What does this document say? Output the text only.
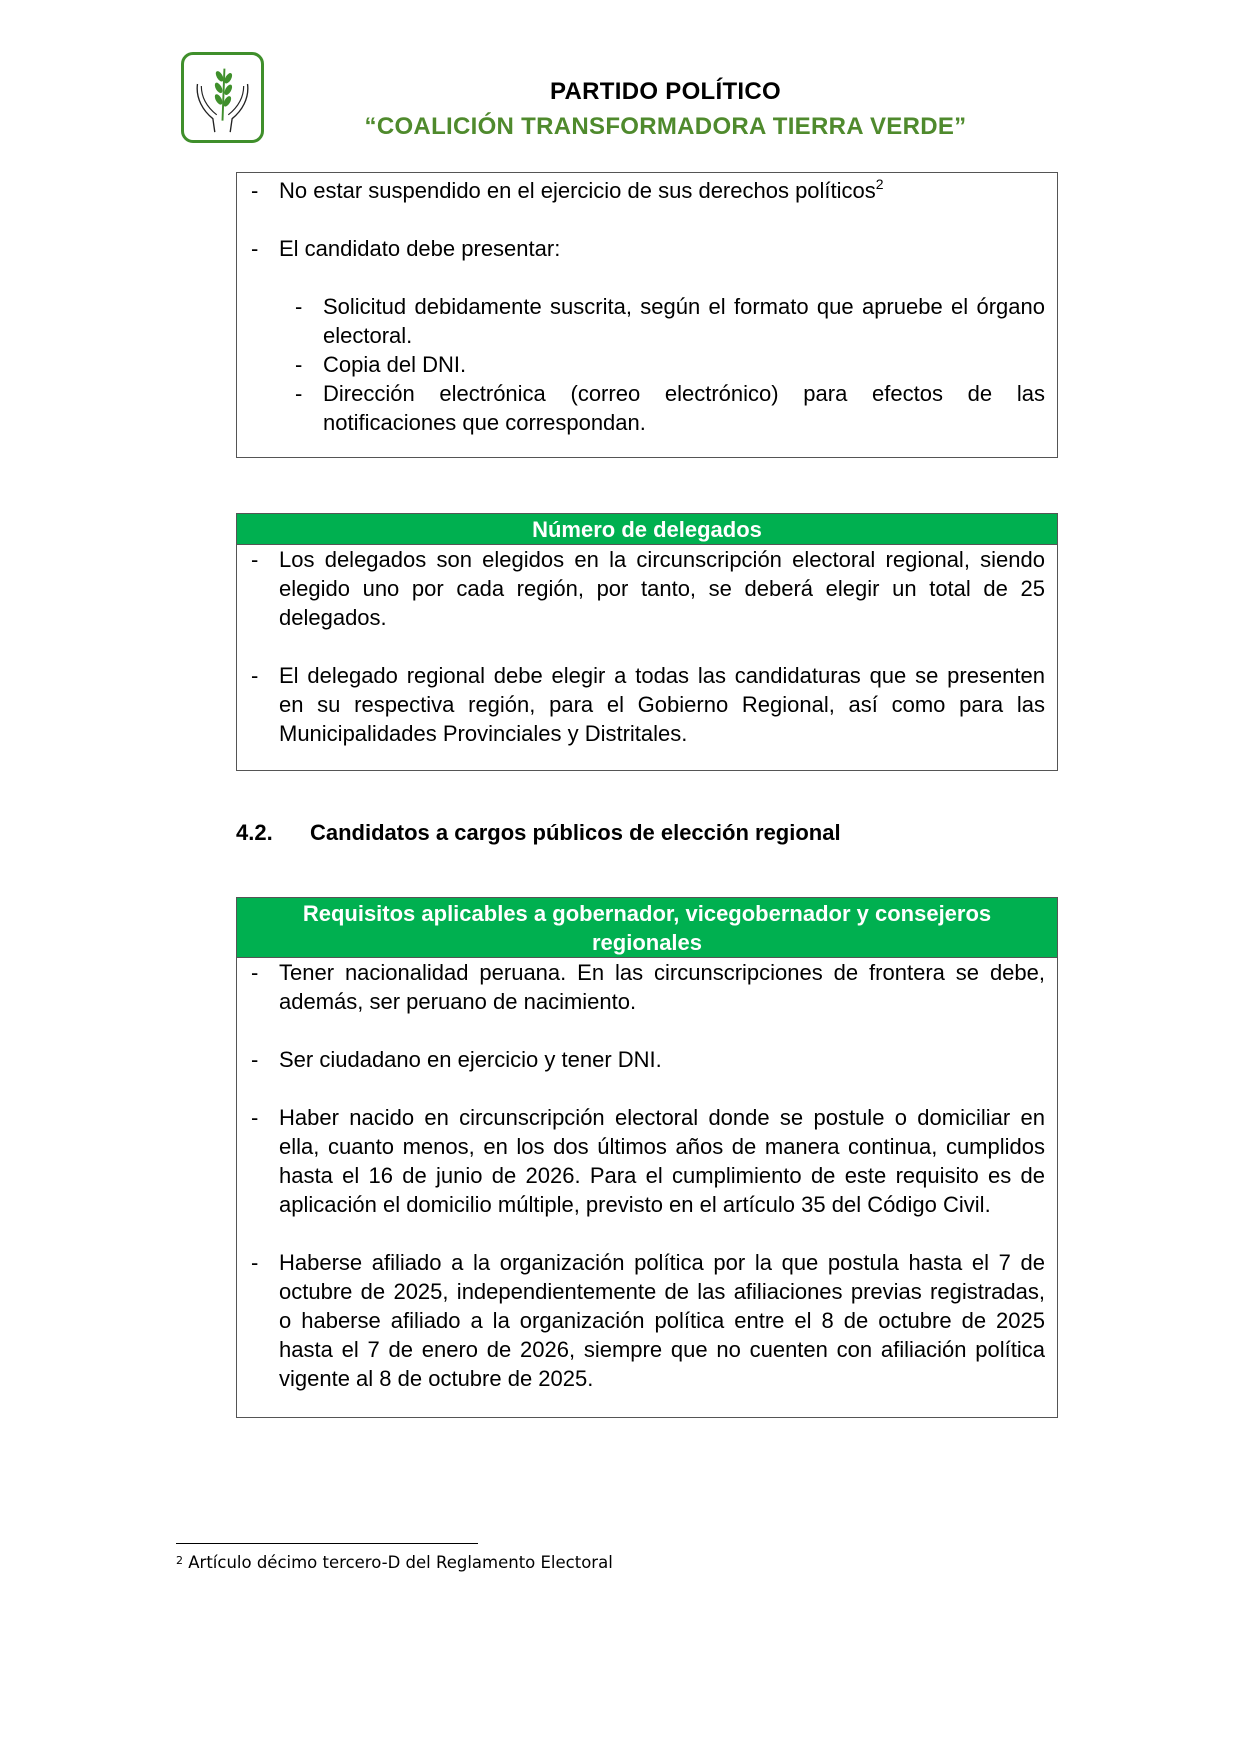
PARTIDO POLÍTICO
“COALICIÓN TRANSFORMADORA TIERRA VERDE”
- No estar suspendido en el ejercicio de sus derechos políticos$^2$
- El candidato debe presentar:
- Solicitud debidamente suscrita, según el formato que apruebe el órgano electoral.
- Copia del DNI.
- Dirección electrónica (correo electrónico) para efectos de las notificaciones que correspondan.
Número de delegados
- Los delegados son elegidos en la circunscripción electoral regional, siendo elegido uno por cada región, por tanto, se deberá elegir un total de 25 delegados.
- El delegado regional debe elegir a todas las candidaturas que se presenten en su respectiva región, para el Gobierno Regional, así como para las Municipalidades Provinciales y Distritales.
4.2. Candidatos a cargos públicos de elección regional
Requisitos aplicables a gobernador, vicegobernador y consejeros regionales
- Tener nacionalidad peruana. En las circunscripciones de frontera se debe, además, ser peruano de nacimiento.
- Ser ciudadano en ejercicio y tener DNI.
- Haber nacido en circunscripción electoral donde se postule o domiciliar en ella, cuanto menos, en los dos últimos años de manera continua, cumplidos hasta el 16 de junio de 2026. Para el cumplimiento de este requisito es de aplicación el domicilio múltiple, previsto en el artículo 35 del Código Civil.
- Haberse afiliado a la organización política por la que postula hasta el 7 de octubre de 2025, independientemente de las afiliaciones previas registradas, o haberse afiliado a la organización política entre el 8 de octubre de 2025 hasta el 7 de enero de 2026, siempre que no cuenten con afiliación política vigente al 8 de octubre de 2025.
$^2$ Artículo décimo tercero-D del Reglamento Electoral
